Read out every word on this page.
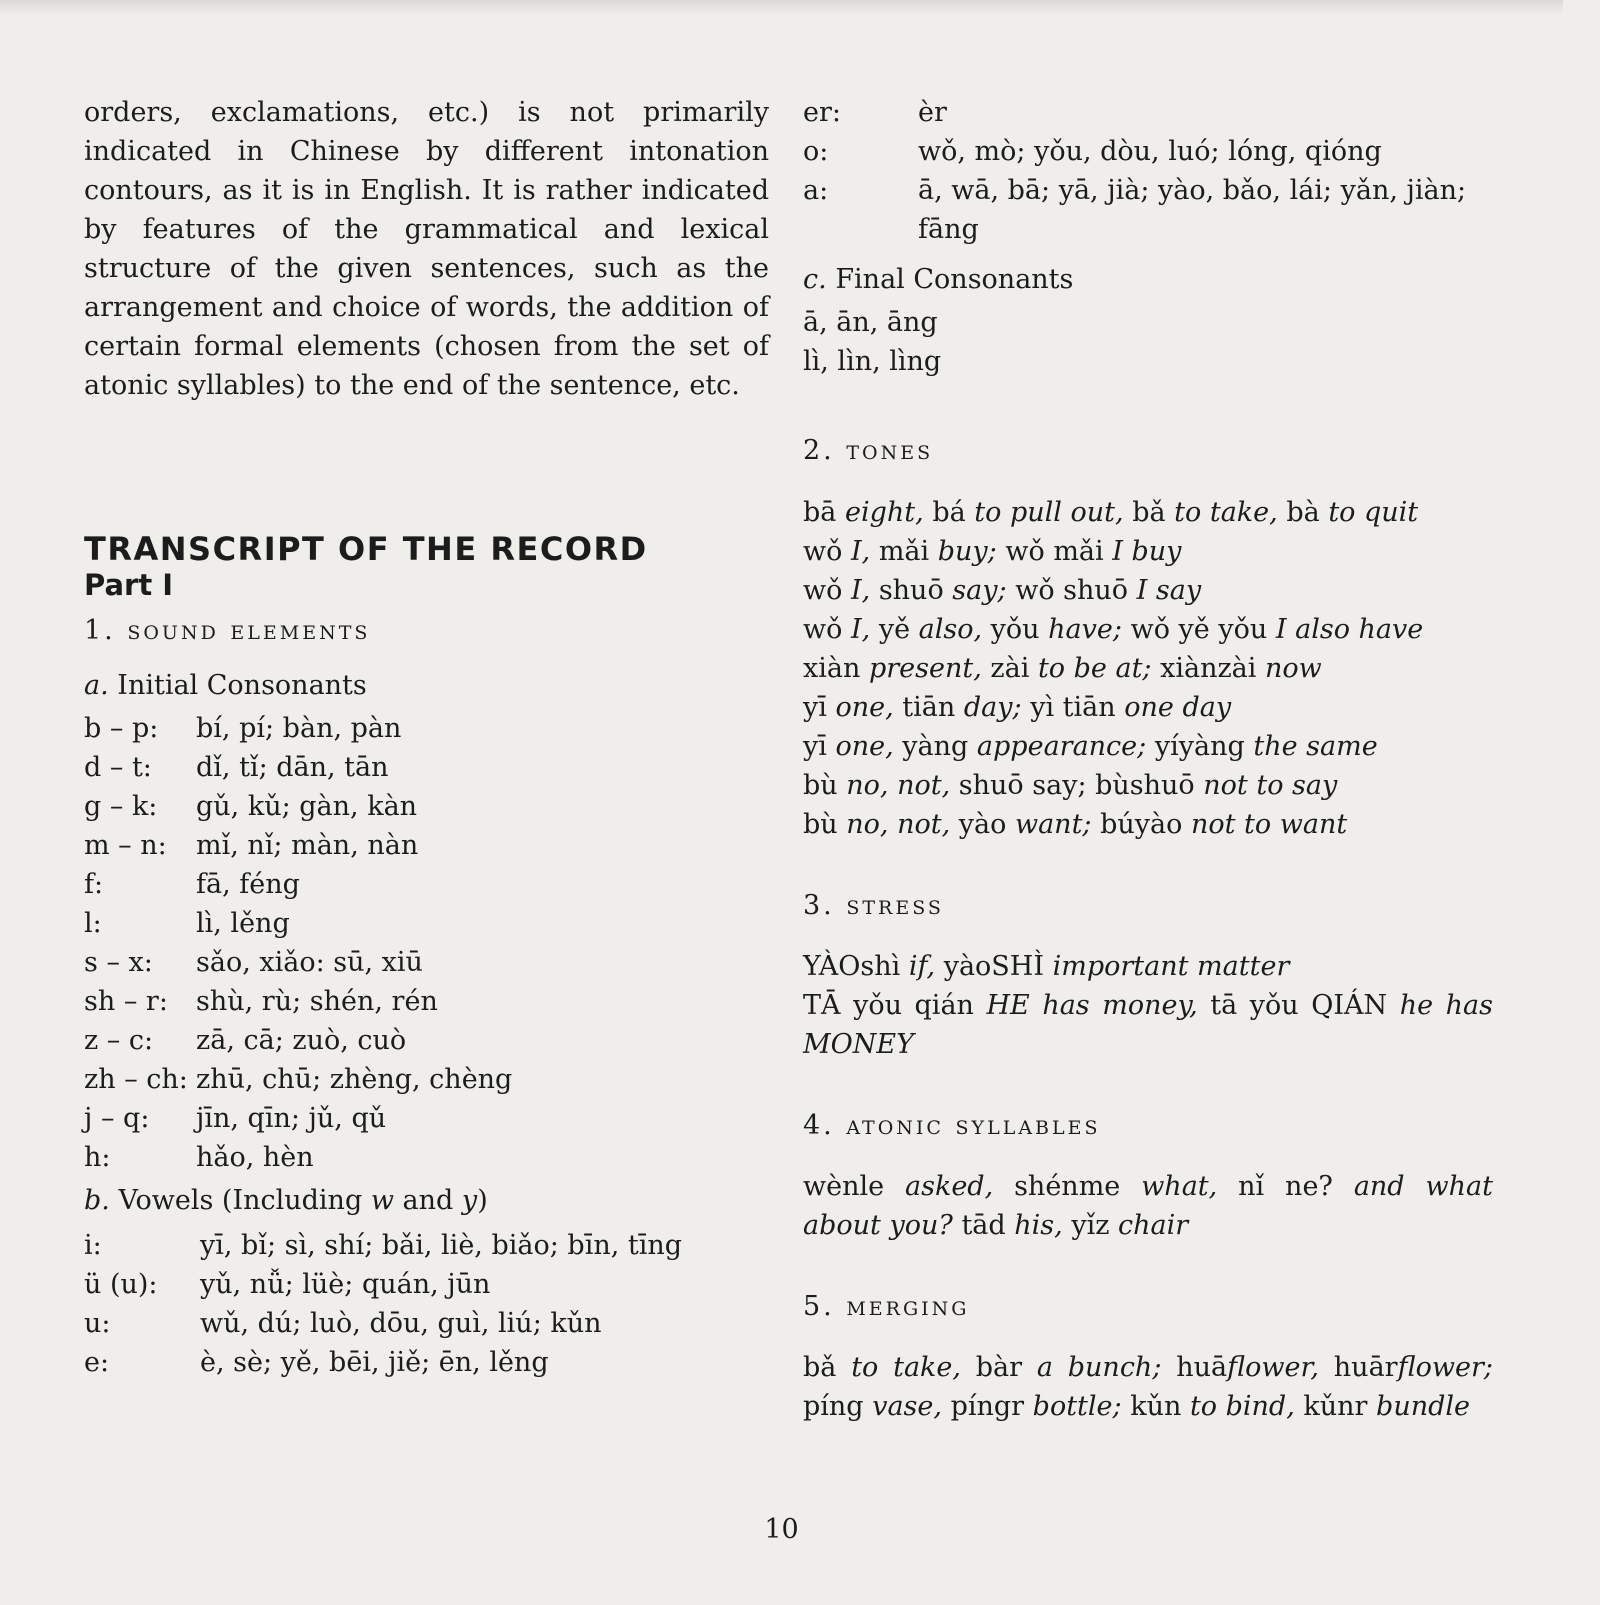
orders, exclamations, etc.) is not primarily indicated in Chinese by different intonation contours, as it is in English. It is rather indicated by features of the grammatical and lexical structure of the given sentences, such as the arrangement and choice of words, the addition of certain formal elements (chosen from the set of atonic syllables) to the end of the sentence, etc.

TRANSCRIPT OF THE RECORD
Part I

1. sound elements

a. Initial Consonants

b – p:	bí, pí; bàn, pàn
d – t:	dǐ, tǐ; dān, tān
g – k:	gǔ, kǔ; gàn, kàn
m – n:	mǐ, nǐ; màn, nàn
f:	fā, féng
l:	lì, lěng
s – x:	sǎo, xiǎo: sū, xiū
sh – r:	shù, rù; shén, rén
z – c:	zā, cā; zuò, cuò
zh – ch: zhū, chū; zhèng, chèng
j – q:	jīn, qīn; jǔ, qǔ
h:	hǎo, hèn

b. Vowels (Including w and y)

i:	yī, bǐ; sì, shí; bǎi, liè, biǎo; bīn, tīng
ü (u):	yǔ, nǚ; lüè; quán, jūn
u:	wǔ, dú; luò, dōu, guì, liú; kǔn
e:	è, sè; yě, bēi, jiě; ēn, lěng
er:	èr
o:	wǒ, mò; yǒu, dòu, luó; lóng, qióng
a:	ā, wā, bā; yā, jià; yào, bǎo, lái; yǎn, jiàn; fāng

c. Final Consonants

ā, ān, āng
lì, lìn, lìng

2. tones

bā eight, bá to pull out, bǎ to take, bà to quit
wǒ I, mǎi buy; wǒ mǎi I buy
wǒ I, shuō say; wǒ shuō I say
wǒ I, yě also, yǒu have; wǒ yě yǒu I also have
xiàn present, zài to be at; xiànzài now
yī one, tiān day; yì tiān one day
yī one, yàng appearance; yíyàng the same
bù no, not, shuō say; bùshuō not to say
bù no, not, yào want; búyào not to want

3. stress

YÀOshì if, yàoSHÌ important matter

TĀ yǒu qián HE has money, tā yǒu QIÁN he has MONEY

4. atonic syllables

wènle asked, shénme what, nǐ ne? and what about you? tād his, yǐz chair

5. merging

bǎ to take, bàr a bunch; huāflower, huārflower; píng vase, píngr bottle; kǔn to bind, kǔnr bundle

10
